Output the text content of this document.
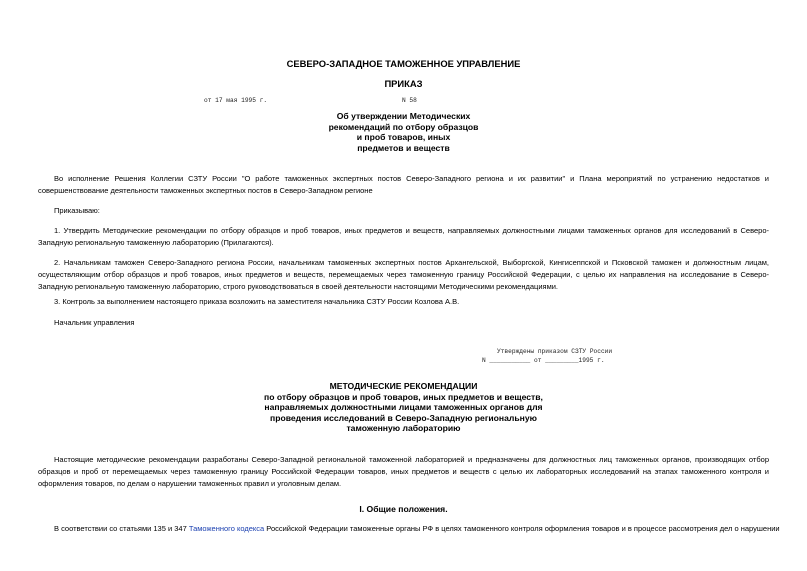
СЕВЕРО-ЗАПАДНОЕ ТАМОЖЕННОЕ УПРАВЛЕНИЕ
ПРИКАЗ
от 17 мая 1995 г.	N 58
Об утверждении Методических
рекомендаций по отбору образцов
и проб товаров, иных
предметов и веществ
Во исполнение Решения Коллегии СЗТУ России "О работе таможенных экспертных постов Северо-Западного региона и их развитии" и Плана мероприятий по устранению недостатков и совершенствование деятельности таможенных экспертных постов в Северо-Западном регионе
Приказываю:
1. Утвердить Методические рекомендации по отбору образцов и проб товаров, иных предметов и веществ, направляемых должностными лицами таможенных органов для исследований в Северо-Западную региональную таможенную лабораторию (Прилагаются).
2. Начальникам таможен Северо-Западного региона России, начальникам таможенных экспертных постов Архангельской, Выборгской, Кингисеппской и Псковской таможен и должностным лицам, осуществляющим отбор образцов и проб товаров, иных предметов и веществ, перемещаемых через таможенную границу Российской Федерации, с целью их направления на исследование в Северо-Западную региональную таможенную лабораторию, строго руководствоваться в своей деятельности настоящими Методическими рекомендациями.
3. Контроль за выполнением настоящего приказа возложить на заместителя начальника СЗТУ России Козлова А.В.
Начальник управления
Утверждены приказом СЗТУ России
N ___________ от _________1995 г.
МЕТОДИЧЕСКИЕ РЕКОМЕНДАЦИИ
по отбору образцов и проб товаров, иных предметов и веществ,
направляемых должностными лицами таможенных органов для
проведения исследований в Северо-Западную региональную
таможенную лабораторию
Настоящие методические рекомендации разработаны Северо-Западной региональной таможенной лабораторией и предназначены для должностных лиц таможенных органов, производящих отбор образцов и проб от перемещаемых через таможенную границу Российской Федерации товаров, иных предметов и веществ с целью их лабораторных исследований на этапах таможенного контроля и оформления товаров, по делам о нарушении таможенных правил и уголовным делам.
I. Общие положения.
В соответствии со статьями 135 и 347 Таможенного кодекса Российской Федерации таможенные органы РФ в целях таможенного контроля оформления товаров и в процессе рассмотрения дел о нарушении
